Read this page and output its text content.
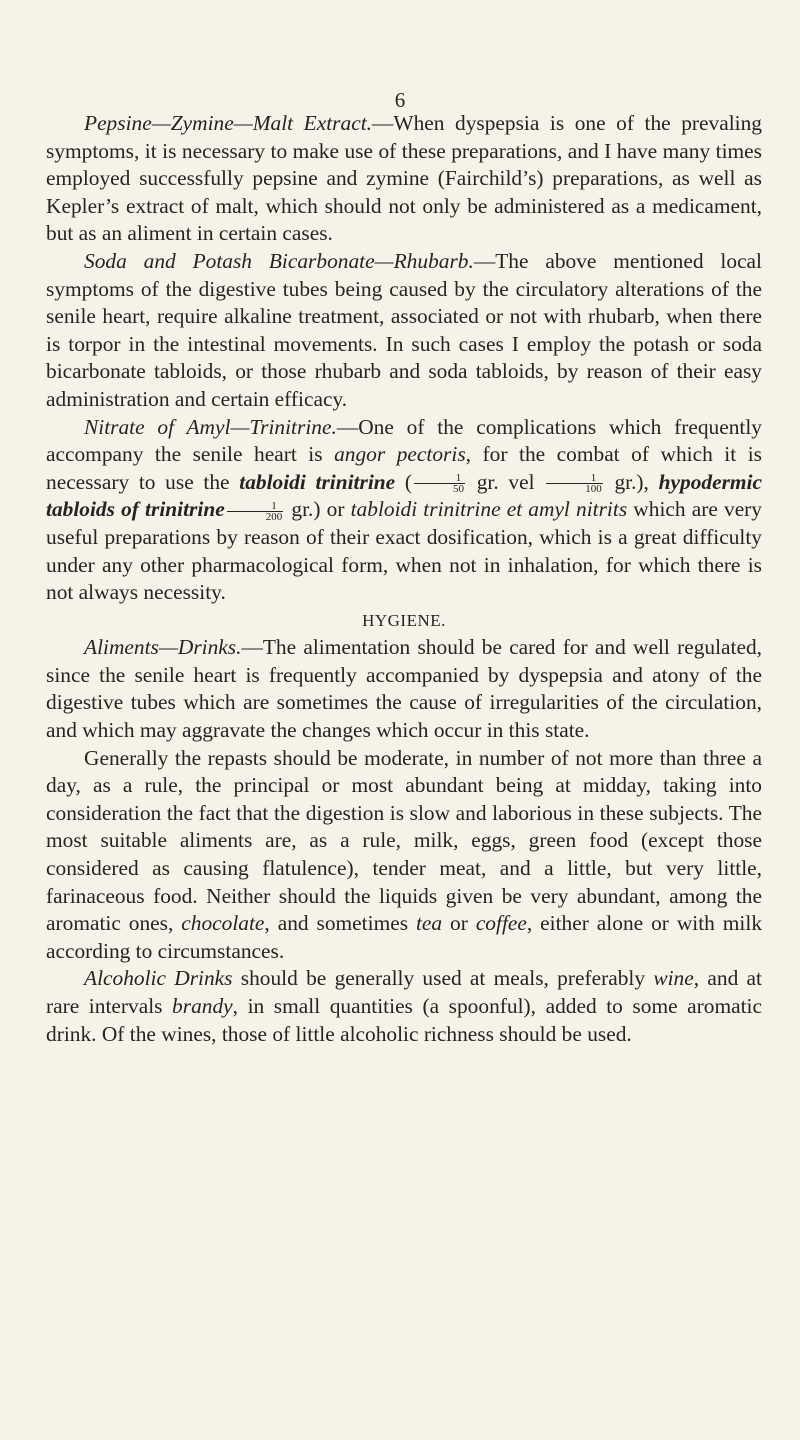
6

Pepsine—Zymine—Malt Extract.—When dyspepsia is one of the prevaling symptoms, it is necessary to make use of these preparations, and I have many times employed successfully pepsine and zymine (Fairchild’s) preparations, as well as Kepler’s extract of malt, which should not only be administered as a medicament, but as an aliment in certain cases.

Soda and Potash Bicarbonate—Rhubarb.—The above mentioned local symptoms of the digestive tubes being caused by the circulatory alterations of the senile heart, require alkaline treatment, associated or not with rhubarb, when there is torpor in the intestinal movements. In such cases I employ the potash or soda bicarbonate tabloids, or those rhubarb and soda tabloids, by reason of their easy administration and certain efficacy.

Nitrate of Amyl—Trinitrine.—One of the complications which frequently accompany the senile heart is angor pectoris, for the combat of which it is necessary to use the tabloidi trinitrine ( $\frac{1}{50}$ gr. vel $\frac{1}{100} gr$.), hypodermic tabloids of trinitrine $\frac{1}{200} gr$.) or tabloidi trinitrine et amyl nitrits which are very useful preparations by reason of their exact dosification, which is a great difficulty under any other pharmacological form, when not in inhalation, for which there is not always necessity.

HYGIENE.

Aliments—Drinks.—The alimentation should be cared for and well regulated, since the senile heart is frequently accompanied by dyspepsia and atony of the digestive tubes which are sometimes the cause of irregularities of the circulation, and which may aggravate the changes which occur in this state.

Generally the repasts should be moderate, in number of not more than three a day, as a rule, the principal or most abundant being at midday, taking into consideration the fact that the digestion is slow and laborious in these subjects. The most suitable aliments are, as a rule, milk, eggs, green food (except those considered as causing flatulence), tender meat, and a little, but very little, farinaceous food. Neither should the liquids given be very abundant, among the aromatic ones, chocolate, and sometimes tea or coffee, either alone or with milk according to circumstances.

Alcoholic Drinks should be generally used at meals, preferably wine, and at rare intervals brandy, in small quantities (a spoonful), added to some aromatic drink. Of the wines, those of little alcoholic richness should be used.
